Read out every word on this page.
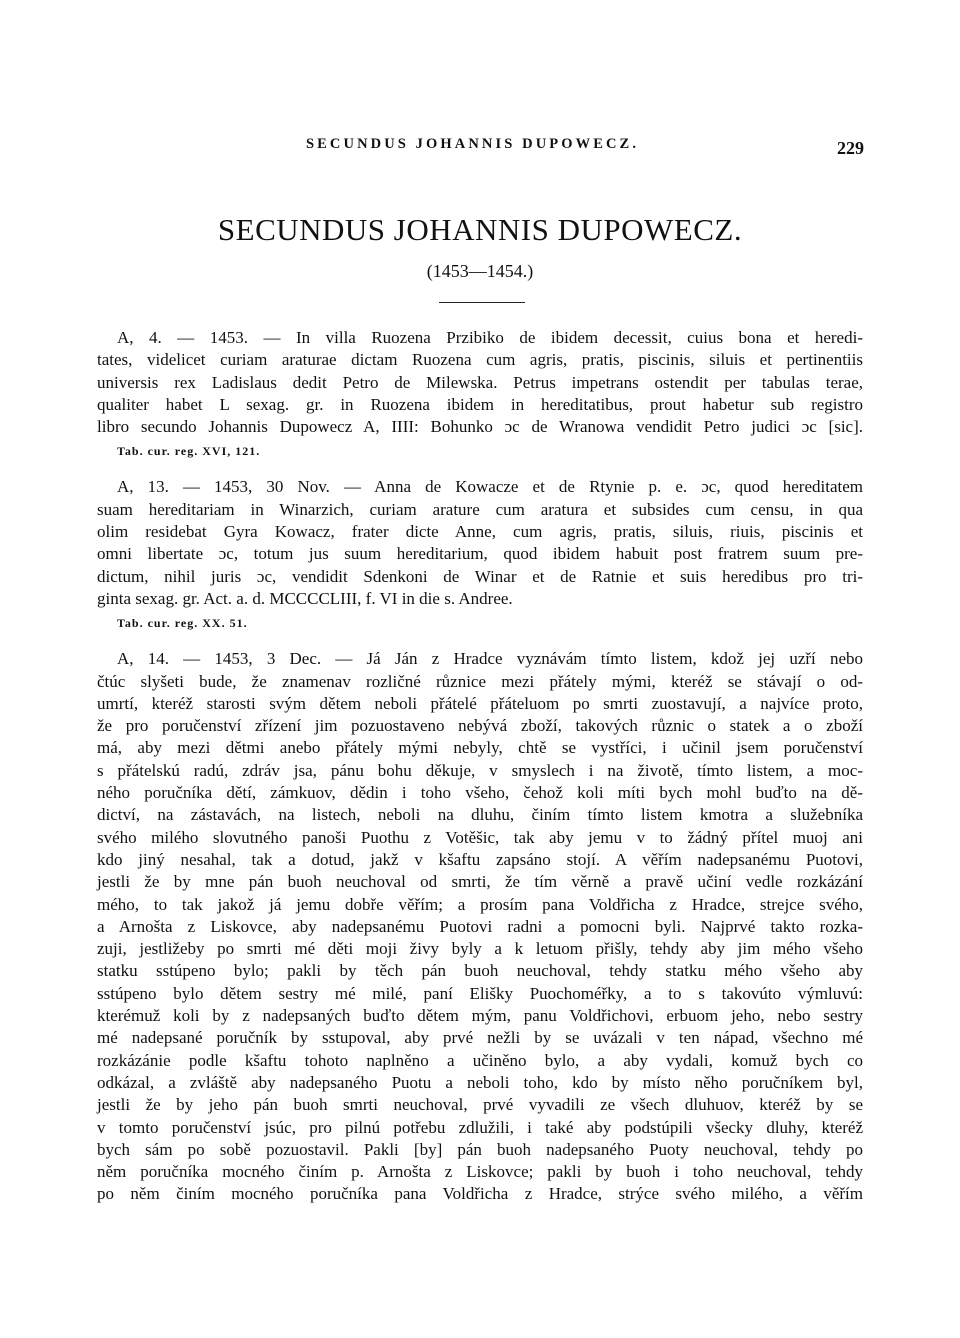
SECUNDUS JOHANNIS DUPOWECZ.	229
SECUNDUS JOHANNIS DUPOWECZ.
(1453—1454.)
A, 4. — 1453. — In villa Ruozena Przibiko de ibidem decessit, cuius bona et heredi-
tates, videlicet curiam araturae dictam Ruozena cum agris, pratis, piscinis, siluis et pertinentiis
universis rex Ladislaus dedit Petro de Milewska. Petrus impetrans ostendit per tabulas terae,
qualiter habet L sexag. gr. in Ruozena ibidem in hereditatibus, prout habetur sub registro
libro secundo Johannis Dupowecz A, IIII: Bohunko ɔc de Wranowa vendidit Petro judici ɔc [sic].
Tab. cur. reg. XVI, 121.
A, 13. — 1453, 30 Nov. — Anna de Kowacze et de Rtynie p. e. ɔc, quod hereditatem
suam hereditariam in Winarzich, curiam arature cum aratura et subsides cum censu, in qua
olim residebat Gyra Kowacz, frater dicte Anne, cum agris, pratis, siluis, riuis, piscinis et
omni libertate ɔc, totum jus suum hereditarium, quod ibidem habuit post fratrem suum pre-
dictum, nihil juris ɔc, vendidit Sdenkoni de Winar et de Ratnie et suis heredibus pro tri-
ginta sexag. gr. Act. a. d. MCCCCLIII, f. VI in die s. Andree.
Tab. cur. reg. XX. 51.
A, 14. — 1453, 3 Dec. — Já Ján z Hradce vyznávám tímto listem, kdož jej uzří nebo
čtúc slyšeti bude, že znamenav rozličné různice mezi přátely mými, kteréž se stávají o od-
umrtí, kteréž starosti svým dětem neboli přátelé přáteluom po smrti zuostavují, a najvíce proto,
že pro poručenství zřízení jim pozuostaveno nebývá zboží, takových různic o statek a o zboží
má, aby mezi dětmi anebo přátely mými nebyly, chtě se vystříci, i učinil jsem poručenství
s přátelskú radú, zdráv jsa, pánu bohu děkuje, v smyslech i na životě, tímto listem, a moc-
ného poručníka dětí, zámkuov, dědin i toho všeho, čehož koli míti bych mohl buďto na dě-
dictví, na zástavách, na listech, neboli na dluhu, činím tímto listem kmotra a služebníka
svého milého slovutného panoši Puothu z Votěšic, tak aby jemu v to žádný přítel muoj ani
kdo jiný nesahal, tak a dotud, jakž v kšaftu zapsáno stojí. A věřím nadepsanému Puotovi,
jestli že by mne pán buoh neuchoval od smrti, že tím věrně a pravě učiní vedle rozkázání
mého, to tak jakož já jemu dobře věřím; a prosím pana Voldřicha z Hradce, strejce svého,
a Arnošta z Liskovce, aby nadepsanému Puotovi radni a pomocni byli. Najprvé takto rozka-
zuji, jestližeby po smrti mé děti moji živy byly a k letuom přišly, tehdy aby jim mého všeho
statku sstúpeno bylo; pakli by těch pán buoh neuchoval, tehdy statku mého všeho aby
sstúpeno bylo dětem sestry mé milé, paní Elišky Puochoméřky, a to s takovúto výmluvú:
kterémuž koli by z nadepsaných buďto dětem mým, panu Voldřichovi, erbuom jeho, nebo sestry
mé nadepsané poručník by sstupoval, aby prvé nežli by se uvázali v ten nápad, všechno mé
rozkázánie podle kšaftu tohoto naplněno a učiněno bylo, a aby vydali, komuž bych co
odkázal, a zvláště aby nadepsaného Puotu a neboli toho, kdo by místo něho poručníkem byl,
jestli že by jeho pán buoh smrti neuchoval, prvé vyvadili ze všech dluhuov, kteréž by se
v tomto poručenství jsúc, pro pilnú potřebu zdlužili, i také aby podstúpili všecky dluhy, kteréž
bych sám po sobě pozuostavil. Pakli [by] pán buoh nadepsaného Puoty neuchoval, tehdy po
něm poručníka mocného činím p. Arnošta z Liskovce; pakli by buoh i toho neuchoval, tehdy
po něm činím mocného poručníka pana Voldřicha z Hradce, strýce svého milého, a věřím
